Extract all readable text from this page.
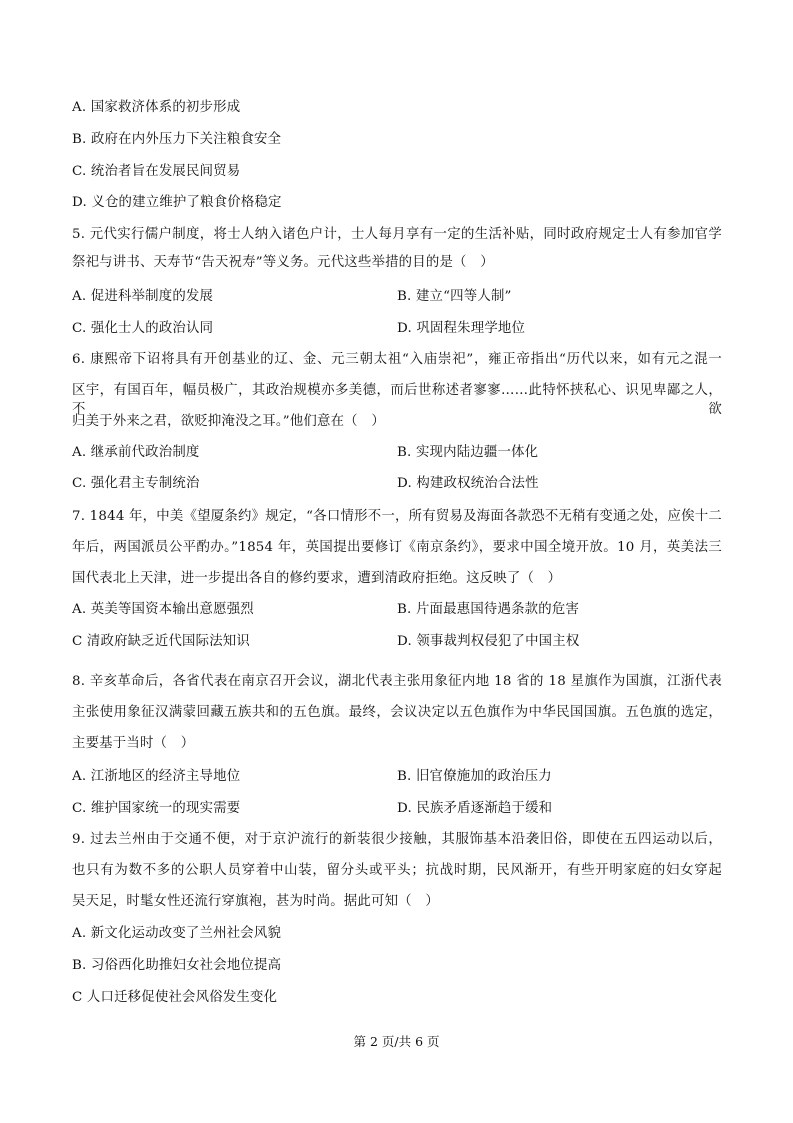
A. 国家救济体系的初步形成
B. 政府在内外压力下关注粮食安全
C. 统治者旨在发展民间贸易
D. 义仓的建立维护了粮食价格稳定
5. 元代实行儒户制度，将士人纳入诸色户计，士人每月享有一定的生活补贴，同时政府规定士人有参加官学
祭祀与讲书、天寿节“告天祝寿”等义务。元代这些举措的目的是（　）
A. 促进科举制度的发展	B. 建立“四等人制”
C. 强化士人的政治认同	D. 巩固程朱理学地位
6. 康熙帝下诏将具有开创基业的辽、金、元三朝太祖“入庙崇祀”，雍正帝指出“历代以来，如有元之混一
区宇，有国百年，幅员极广，其政治规模亦多美德，而后世称述者寥寥……此特怀挟私心、识见卑鄙之人，不欲
归美于外来之君，欲贬抑淹没之耳。”他们意在（　）
A. 继承前代政治制度	B. 实现内陆边疆一体化
C. 强化君主专制统治	D. 构建政权统治合法性
7. 1844 年，中美《望厦条约》规定，“各口情形不一，所有贸易及海面各款恐不无稍有变通之处，应俟十二
年后，两国派员公平酌办。”1854 年，英国提出要修订《南京条约》，要求中国全境开放。10 月，英美法三
国代表北上天津，进一步提出各自的修约要求，遭到清政府拒绝。这反映了（　）
A. 英美等国资本输出意愿强烈	B. 片面最惠国待遇条款的危害
C 清政府缺乏近代国际法知识	D. 领事裁判权侵犯了中国主权
8. 辛亥革命后，各省代表在南京召开会议，湖北代表主张用象征内地 18 省的 18 星旗作为国旗，江浙代表
主张使用象征汉满蒙回藏五族共和的五色旗。最终，会议决定以五色旗作为中华民国国旗。五色旗的选定，
主要基于当时（　）
A. 江浙地区的经济主导地位	B. 旧官僚施加的政治压力
C. 维护国家统一的现实需要	D. 民族矛盾逐渐趋于缓和
9. 过去兰州由于交通不便，对于京沪流行的新装很少接触，其服饰基本沿袭旧俗，即使在五四运动以后，
也只有为数不多的公职人员穿着中山装，留分头或平头；抗战时期，民风渐开，有些开明家庭的妇女穿起
吴天足，时髦女性还流行穿旗袍，甚为时尚。据此可知（　）
A. 新文化运动改变了兰州社会风貌
B. 习俗西化助推妇女社会地位提高
C 人口迁移促使社会风俗发生变化
第 2 页/共 6 页
